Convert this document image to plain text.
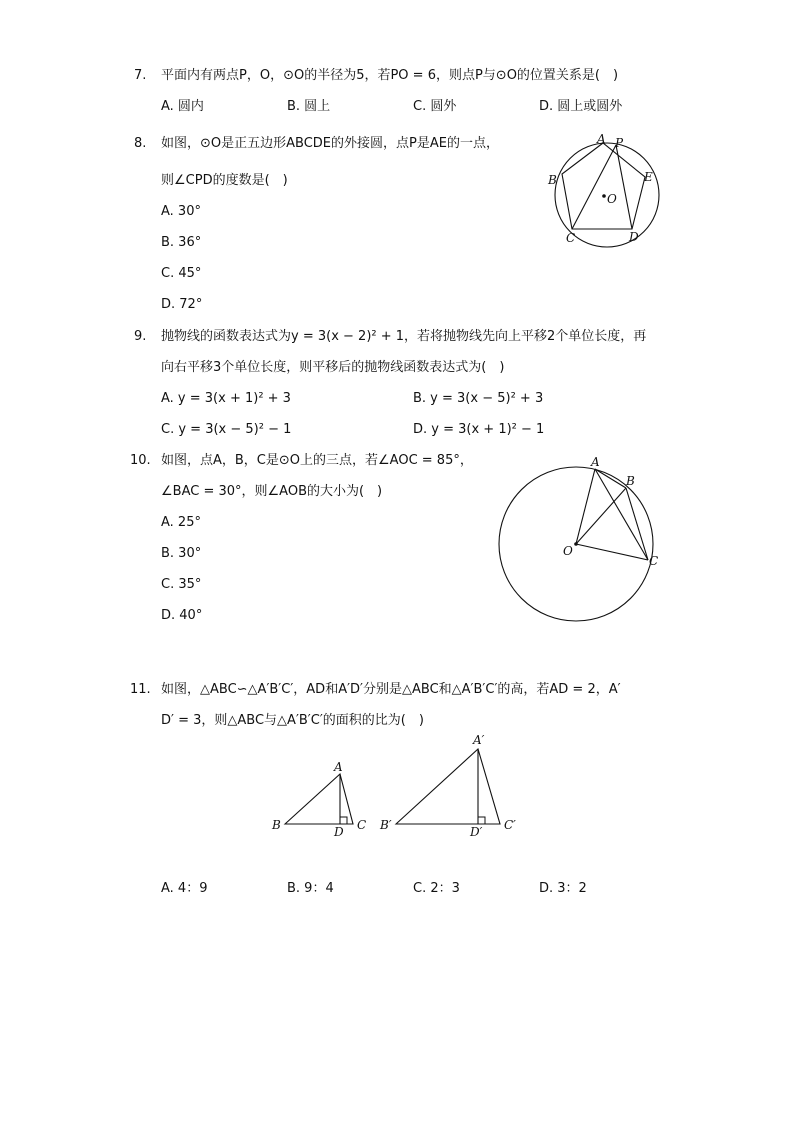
7. 平面内有两点P，O，⊙O的半径为5，若PO = 6，则点P与⊙O的位置关系是(　)
A. 圆内	B. 圆上	C. 圆外	D. 圆上或圆外
8. 如图，⊙O是正五边形ABCDE的外接圆，点P是AE的一点，
则∠CPD的度数是(　)
A. 30°
B. 36°
C. 45°
D. 72°
A P
B	E
O
C	D
9. 抛物线的函数表达式为y = 3(x − 2)² + 1，若将抛物线先向上平移2个单位长度，再
向右平移3个单位长度，则平移后的抛物线函数表达式为(　)
A. y = 3(x + 1)² + 3	B. y = 3(x − 5)² + 3
C. y = 3(x − 5)² − 1	D. y = 3(x + 1)² − 1
10. 如图，点A，B，C是⊙O上的三点，若∠AOC = 85°，
∠BAC = 30°，则∠AOB的大小为(　)
A. 25°
B. 30°
C. 35°
D. 40°
A
B
O
C
11. 如图，△ABC∽△A′B′C′，AD和A′D′分别是△ABC和△A′B′C′的高，若AD = 2，A′
D′ = 3，则△ABC与△A′B′C′的面积的比为(　)
A
B	D C
A′
B′	D′ C′
A. 4：9	B. 9：4	C. 2：3	D. 3：2
